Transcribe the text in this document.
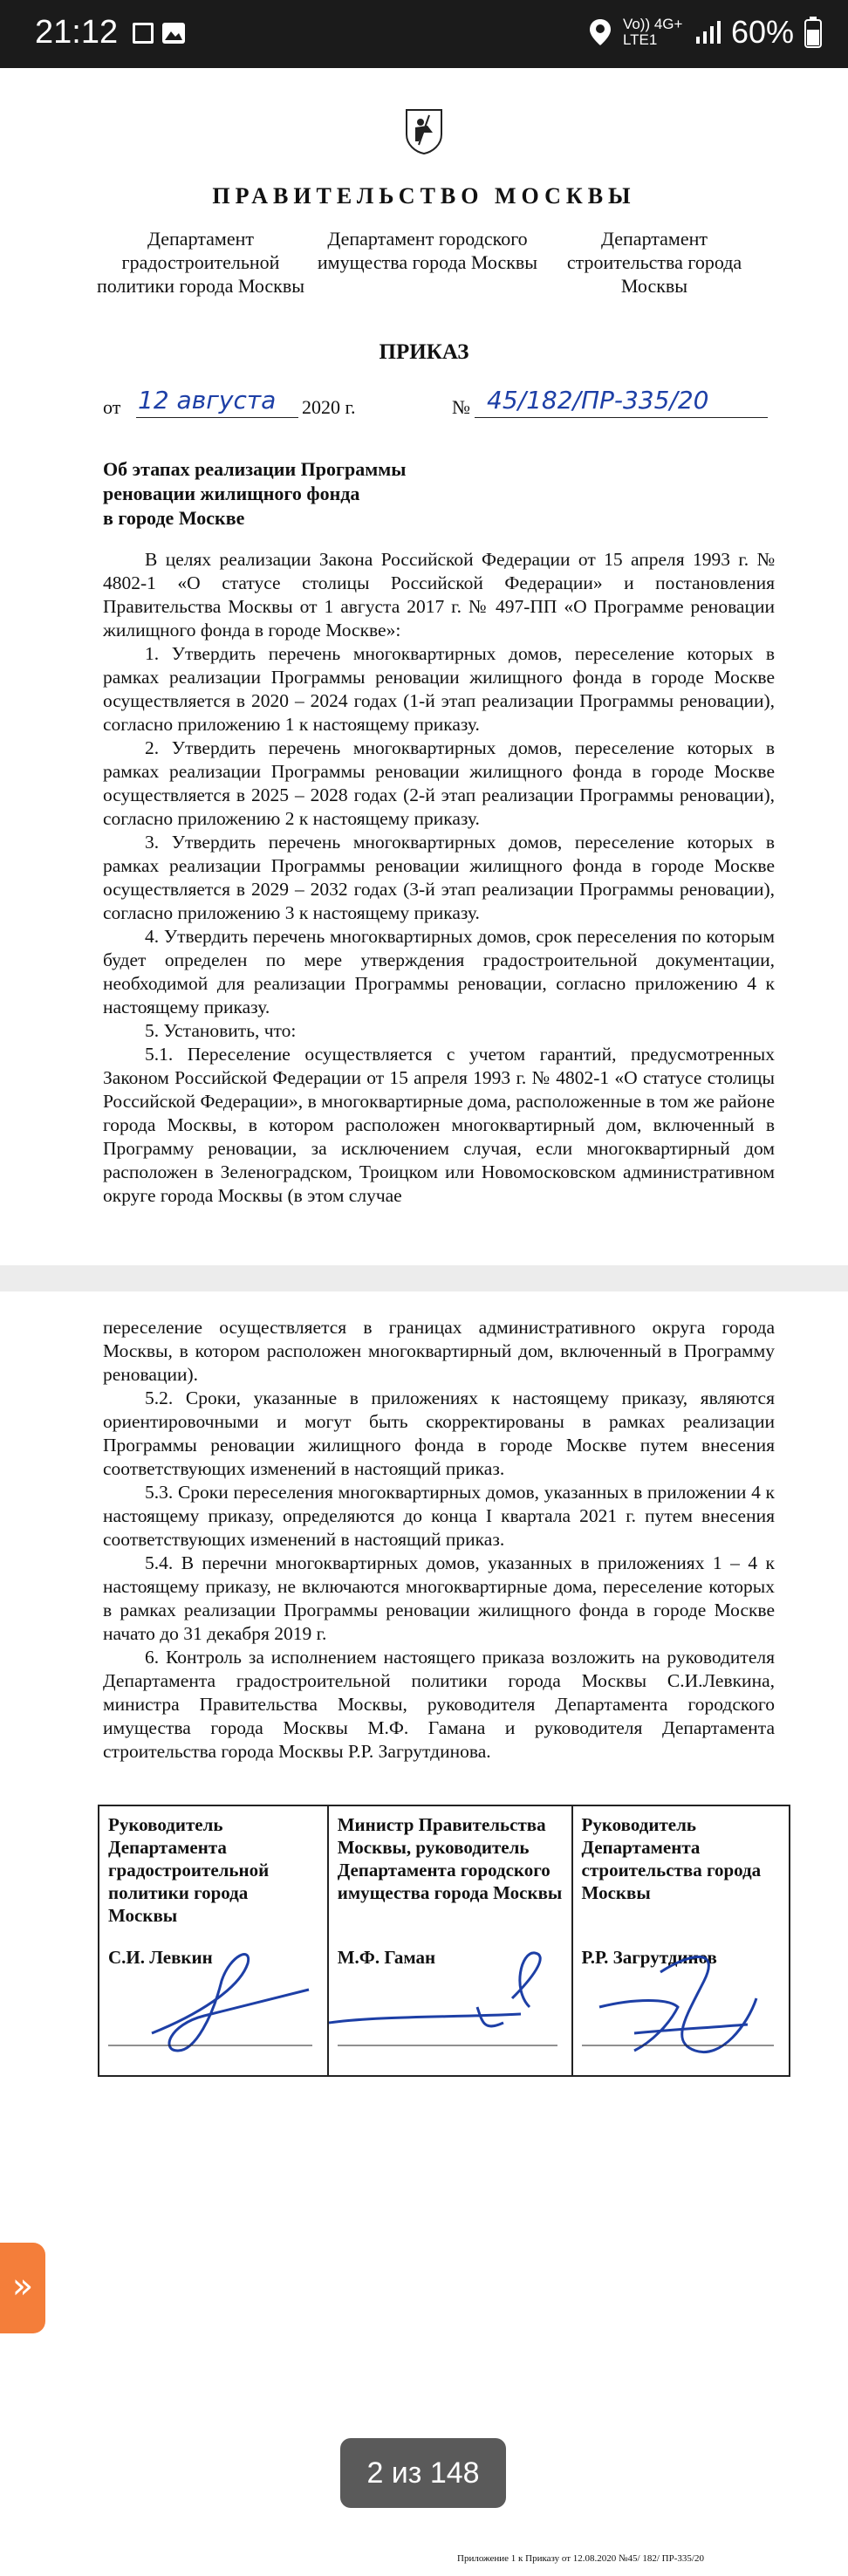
21:12	Vo)) 4G+ LTE1	60%
ПРАВИТЕЛЬСТВО МОСКВЫ
Департамент градостроительной политики города Москвы
Департамент городского имущества города Москвы
Департамент строительства города Москвы
ПРИКАЗ
от 12 августа 2020 г.	№ 45/182/ПР-335/20
Об этапах реализации Программы
реновации жилищного фонда
в городе Москве

В целях реализации Закона Российской Федерации от 15 апреля 1993 г. № 4802-1 «О статусе столицы Российской Федерации» и постановления Правительства Москвы от 1 августа 2017 г. № 497-ПП «О Программе реновации жилищного фонда в городе Москве»:

1. Утвердить перечень многоквартирных домов, переселение которых в рамках реализации Программы реновации жилищного фонда в городе Москве осуществляется в 2020 – 2024 годах (1-й этап реализации Программы реновации), согласно приложению 1 к настоящему приказу.

2. Утвердить перечень многоквартирных домов, переселение которых в рамках реализации Программы реновации жилищного фонда в городе Москве осуществляется в 2025 – 2028 годах (2-й этап реализации Программы реновации), согласно приложению 2 к настоящему приказу.

3. Утвердить перечень многоквартирных домов, переселение которых в рамках реализации Программы реновации жилищного фонда в городе Москве осуществляется в 2029 – 2032 годах (3-й этап реализации Программы реновации), согласно приложению 3 к настоящему приказу.

4. Утвердить перечень многоквартирных домов, срок переселения по которым будет определен по мере утверждения градостроительной документации, необходимой для реализации Программы реновации, согласно приложению 4 к настоящему приказу.

5. Установить, что:

5.1. Переселение осуществляется с учетом гарантий, предусмотренных Законом Российской Федерации от 15 апреля 1993 г. № 4802-1 «О статусе столицы Российской Федерации», в многоквартирные дома, расположенные в том же районе города Москвы, в котором расположен многоквартирный дом, включенный в Программу реновации, за исключением случая, если многоквартирный дом расположен в Зеленоградском, Троицком или Новомосковском административном округе города Москвы (в этом случае

переселение осуществляется в границах административного округа города Москвы, в котором расположен многоквартирный дом, включенный в Программу реновации).

5.2. Сроки, указанные в приложениях к настоящему приказу, являются ориентировочными и могут быть скорректированы в рамках реализации Программы реновации жилищного фонда в городе Москве путем внесения соответствующих изменений в настоящий приказ.

5.3. Сроки переселения многоквартирных домов, указанных в приложении 4 к настоящему приказу, определяются до конца I квартала 2021 г. путем внесения соответствующих изменений в настоящий приказ.

5.4. В перечни многоквартирных домов, указанных в приложениях 1 – 4 к настоящему приказу, не включаются многоквартирные дома, переселение которых в рамках реализации Программы реновации жилищного фонда в городе Москве начато до 31 декабря 2019 г.

6. Контроль за исполнением настоящего приказа возложить на руководителя Департамента градостроительной политики города Москвы С.И.Левкина, министра Правительства Москвы, руководителя Департамента городского имущества города Москвы М.Ф. Гамана и руководителя Департамента строительства города Москвы Р.Р. Загрутдинова.

Руководитель Департамента градостроительной политики города Москвы
С.И. Левкин
Министр Правительства Москвы, руководитель Департамента городского имущества города Москвы
М.Ф. Гаман
Руководитель Департамента строительства города Москвы
Р.Р. Загрутдинов
»
2 из 148
Приложение 1 к Приказу от 12.08.2020 №45/ 182/ ПР-335/20
